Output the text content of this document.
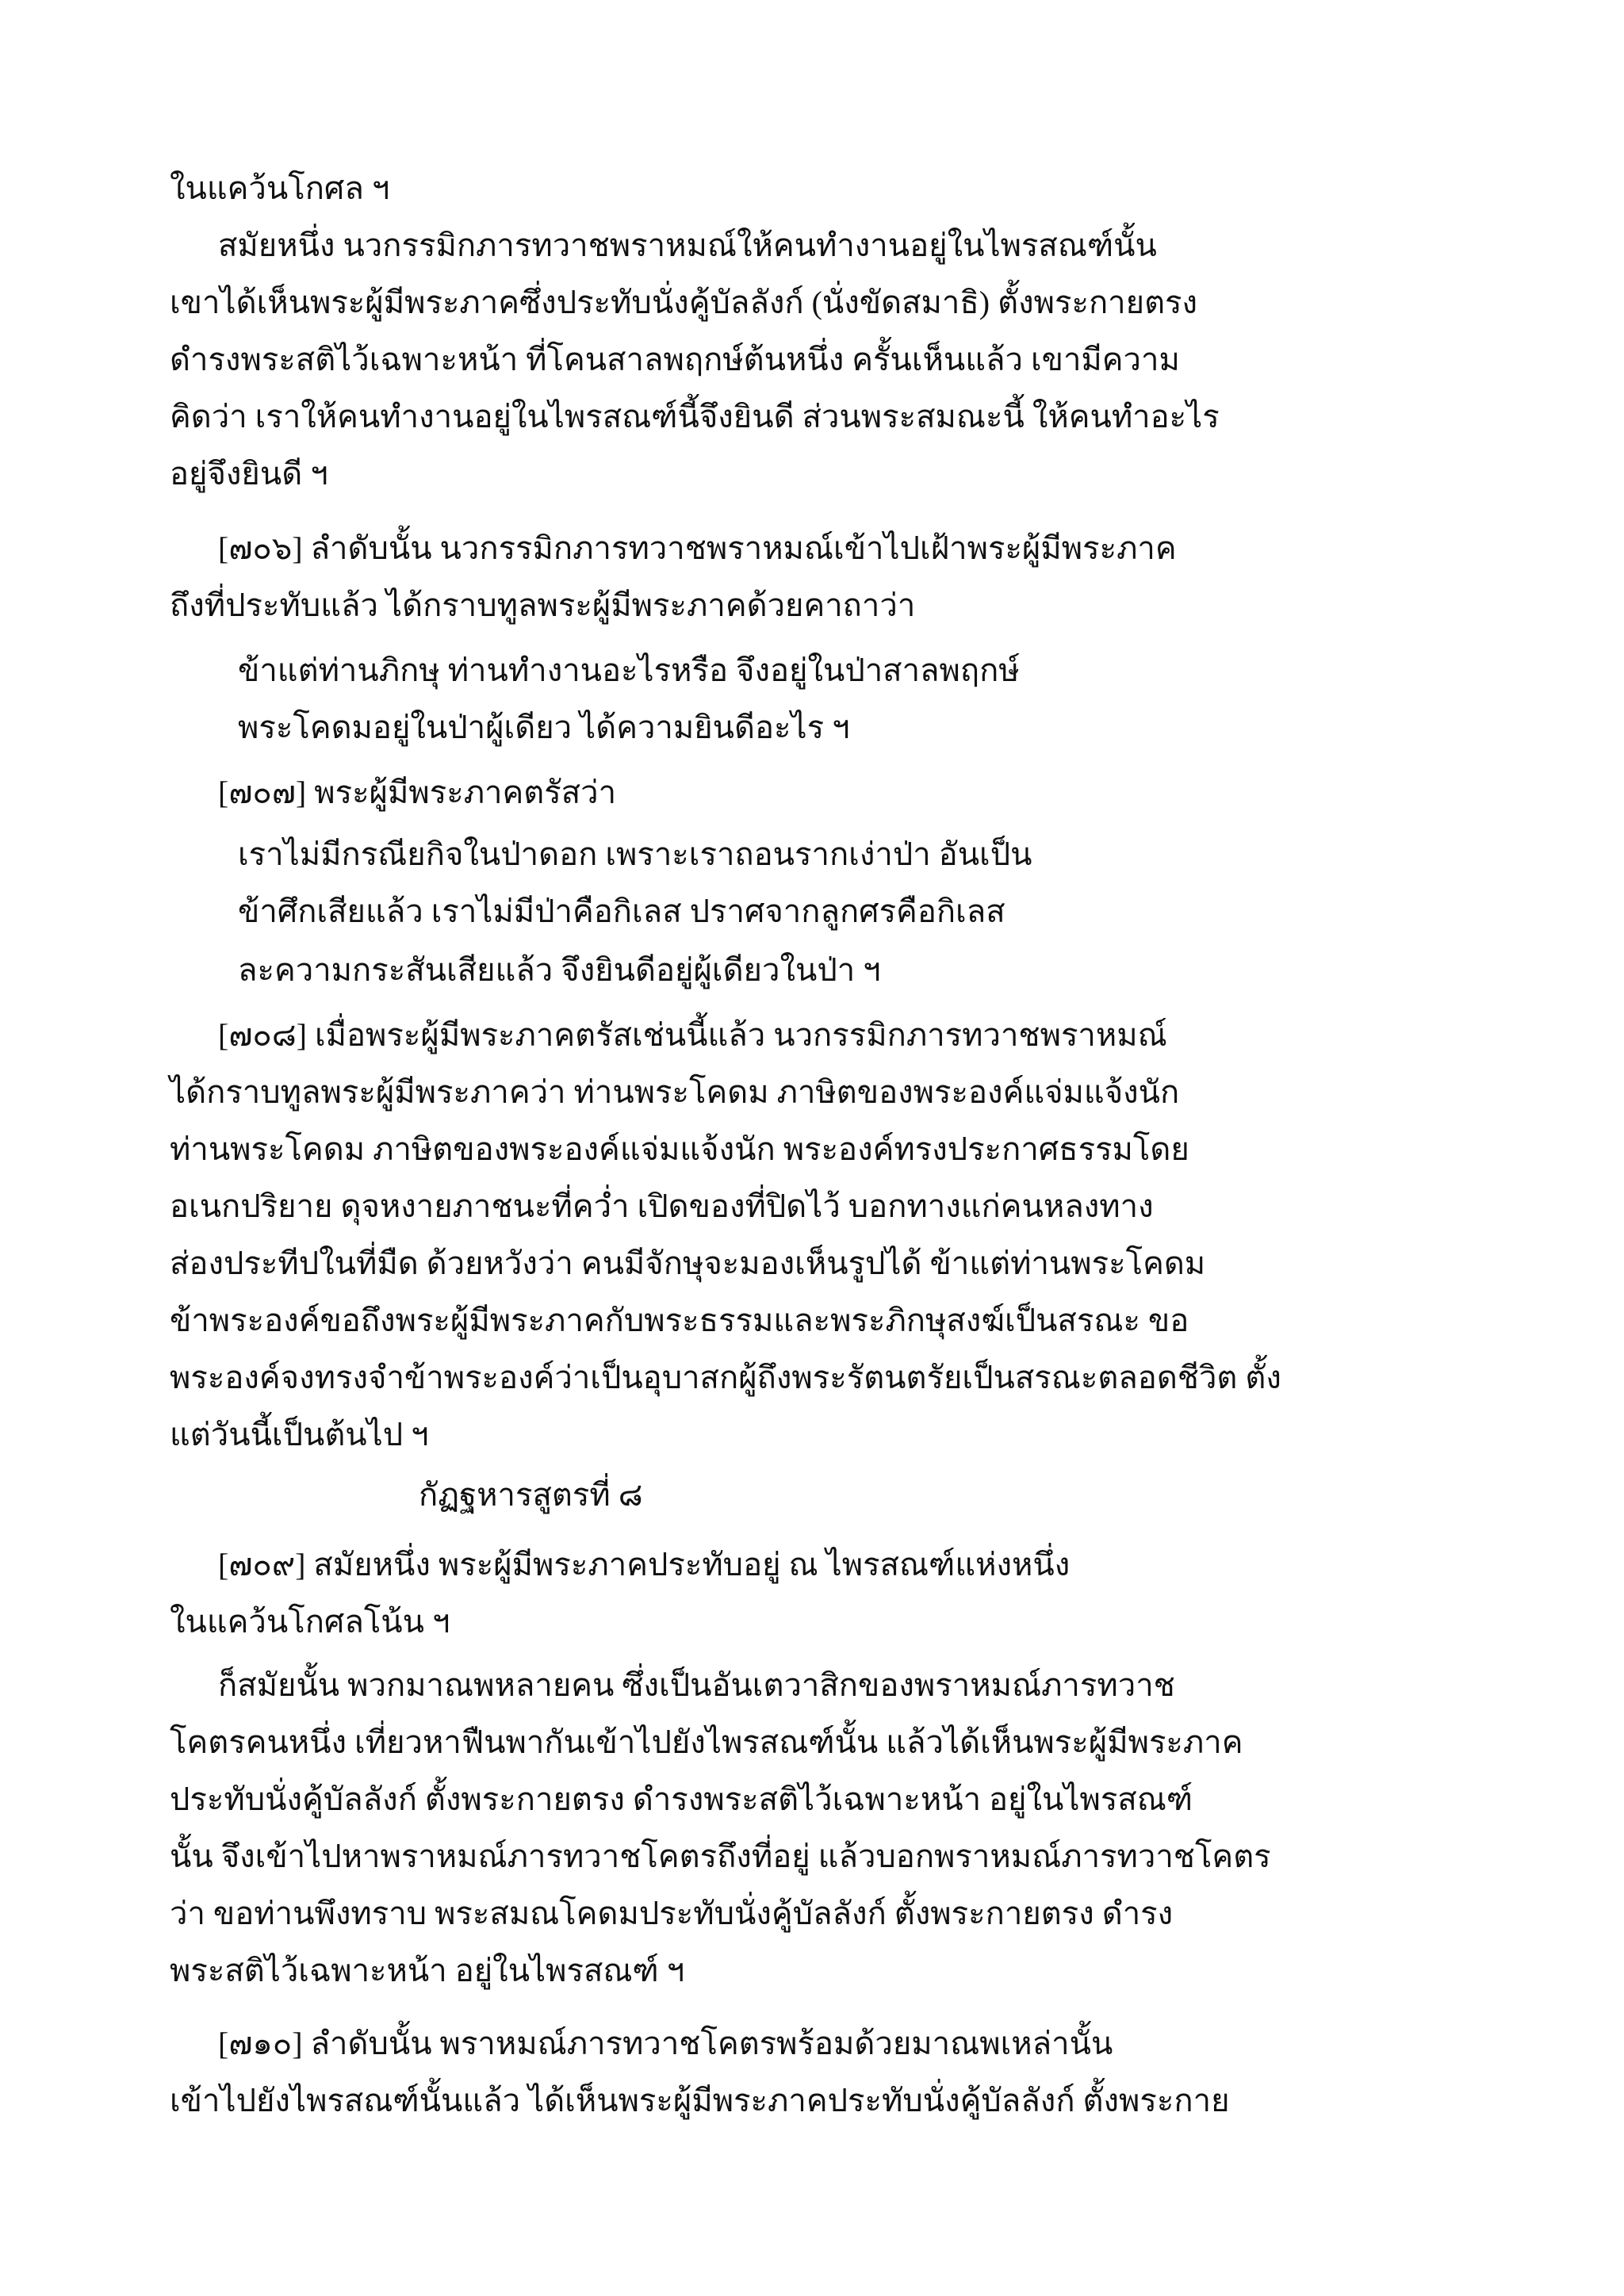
ในแคว้นโกศล ฯ
สมัยหนึ่ง นวกรรมิกภารทวาชพราหมณ์ให้คนทำงานอยู่ในไพรสณฑ์นั้น
เขาได้เห็นพระผู้มีพระภาคซึ่งประทับนั่งคู้บัลลังก์ (นั่งขัดสมาธิ) ตั้งพระกายตรง
ดำรงพระสติไว้เฉพาะหน้า ที่โคนสาลพฤกษ์ต้นหนึ่ง ครั้นเห็นแล้ว เขามีความ
คิดว่า เราให้คนทำงานอยู่ในไพรสณฑ์นี้จึงยินดี ส่วนพระสมณะนี้ ให้คนทำอะไร
อยู่จึงยินดี ฯ
[๗๐๖] ลำดับนั้น นวกรรมิกภารทวาชพราหมณ์เข้าไปเฝ้าพระผู้มีพระภาค
ถึงที่ประทับแล้ว ได้กราบทูลพระผู้มีพระภาคด้วยคาถาว่า
ข้าแต่ท่านภิกษุ ท่านทำงานอะไรหรือ จึงอยู่ในป่าสาลพฤกษ์
พระโคดมอยู่ในป่าผู้เดียว ได้ความยินดีอะไร ฯ
[๗๐๗] พระผู้มีพระภาคตรัสว่า
เราไม่มีกรณียกิจในป่าดอก เพราะเราถอนรากเง่าป่า อันเป็น
ข้าศึกเสียแล้ว เราไม่มีป่าคือกิเลส ปราศจากลูกศรคือกิเลส
ละความกระสันเสียแล้ว จึงยินดีอยู่ผู้เดียวในป่า ฯ
[๗๐๘] เมื่อพระผู้มีพระภาคตรัสเช่นนี้แล้ว นวกรรมิกภารทวาชพราหมณ์
ได้กราบทูลพระผู้มีพระภาคว่า ท่านพระโคดม ภาษิตของพระองค์แจ่มแจ้งนัก
ท่านพระโคดม ภาษิตของพระองค์แจ่มแจ้งนัก พระองค์ทรงประกาศธรรมโดย
อเนกปริยาย ดุจหงายภาชนะที่คว่ำ เปิดของที่ปิดไว้ บอกทางแก่คนหลงทาง
ส่องประทีปในที่มืด ด้วยหวังว่า คนมีจักษุจะมองเห็นรูปได้ ข้าแต่ท่านพระโคดม
ข้าพระองค์ขอถึงพระผู้มีพระภาคกับพระธรรมและพระภิกษุสงฆ์เป็นสรณะ ขอ
พระองค์จงทรงจำข้าพระองค์ว่าเป็นอุบาสกผู้ถึงพระรัตนตรัยเป็นสรณะตลอดชีวิต ตั้ง
แต่วันนี้เป็นต้นไป ฯ
กัฏฐหารสูตรที่ ๘
[๗๐๙] สมัยหนึ่ง พระผู้มีพระภาคประทับอยู่ ณ ไพรสณฑ์แห่งหนึ่ง
ในแคว้นโกศลโน้น ฯ
ก็สมัยนั้น พวกมาณพหลายคน ซึ่งเป็นอันเตวาสิกของพราหมณ์ภารทวาช
โคตรคนหนึ่ง เที่ยวหาฟืนพากันเข้าไปยังไพรสณฑ์นั้น แล้วได้เห็นพระผู้มีพระภาค
ประทับนั่งคู้บัลลังก์ ตั้งพระกายตรง ดำรงพระสติไว้เฉพาะหน้า อยู่ในไพรสณฑ์
นั้น จึงเข้าไปหาพราหมณ์ภารทวาชโคตรถึงที่อยู่ แล้วบอกพราหมณ์ภารทวาชโคตร
ว่า ขอท่านพึงทราบ พระสมณโคดมประทับนั่งคู้บัลลังก์ ตั้งพระกายตรง ดำรง
พระสติไว้เฉพาะหน้า อยู่ในไพรสณฑ์ ฯ
[๗๑๐] ลำดับนั้น พราหมณ์ภารทวาชโคตรพร้อมด้วยมาณพเหล่านั้น
เข้าไปยังไพรสณฑ์นั้นแล้ว ได้เห็นพระผู้มีพระภาคประทับนั่งคู้บัลลังก์ ตั้งพระกาย
